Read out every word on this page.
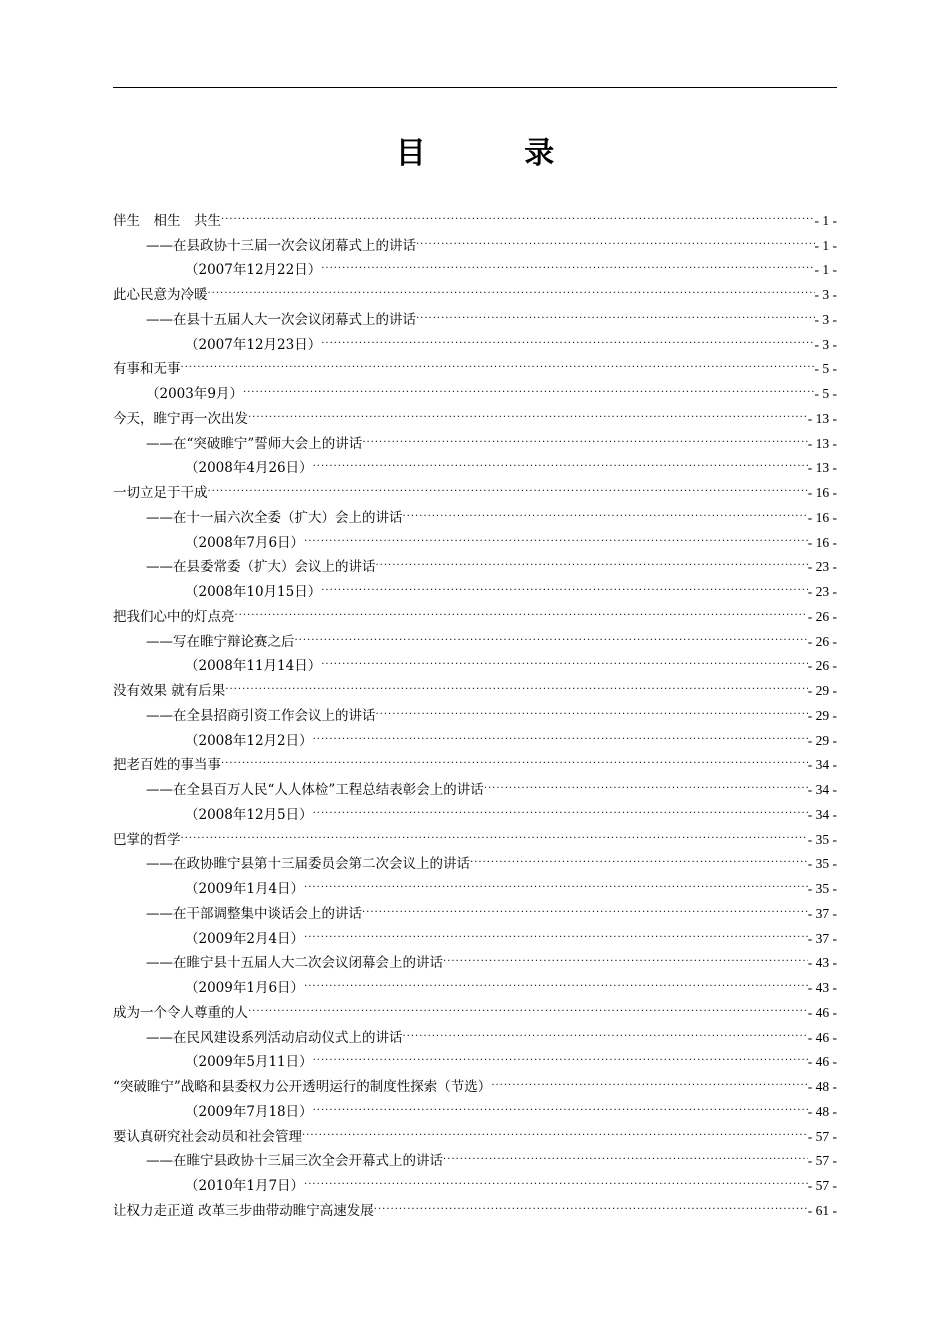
目 录
伴生　相生　共生 .....	- 1 -
——在县政协十三届一次会议闭幕式上的讲话 .....	- 1 -
（2007年12月22日） .....	- 1 -
此心民意为冷暖 .....	- 3 -
——在县十五届人大一次会议闭幕式上的讲话 .....	- 3 -
（2007年12月23日） .....	- 3 -
有事和无事 .....	- 5 -
（2003年9月） .....	- 5 -
今天，睢宁再一次出发 .....	- 13 -
——在“突破睢宁”誓师大会上的讲话 .....	- 13 -
（2008年4月26日） .....	- 13 -
一切立足于干成 .....	- 16 -
——在十一届六次全委（扩大）会上的讲话 .....	- 16 -
（2008年7月6日） .....	- 16 -
——在县委常委（扩大）会议上的讲话 .....	- 23 -
（2008年10月15日） .....	- 23 -
把我们心中的灯点亮 .....	- 26 -
——写在睢宁辩论赛之后 .....	- 26 -
（2008年11月14日） .....	- 26 -
没有效果 就有后果 .....	- 29 -
——在全县招商引资工作会议上的讲话 .....	- 29 -
（2008年12月2日） .....	- 29 -
把老百姓的事当事 .....	- 34 -
——在全县百万人民“人人体检”工程总结表彰会上的讲话 .....	- 34 -
（2008年12月5日） .....	- 34 -
巴掌的哲学 .....	- 35 -
——在政协睢宁县第十三届委员会第二次会议上的讲话 .....	- 35 -
（2009年1月4日） .....	- 35 -
——在干部调整集中谈话会上的讲话 .....	- 37 -
（2009年2月4日） .....	- 37 -
——在睢宁县十五届人大二次会议闭幕会上的讲话 .....	- 43 -
（2009年1月6日） .....	- 43 -
成为一个令人尊重的人 .....	- 46 -
——在民风建设系列活动启动仪式上的讲话 .....	- 46 -
（2009年5月11日） .....	- 46 -
“突破睢宁”战略和县委权力公开透明运行的制度性探索（节选） .....	- 48 -
（2009年7月18日） .....	- 48 -
要认真研究社会动员和社会管理 .....	- 57 -
——在睢宁县政协十三届三次全会开幕式上的讲话 .....	- 57 -
（2010年1月7日） .....	- 57 -
让权力走正道 改革三步曲带动睢宁高速发展 .....	- 61 -
